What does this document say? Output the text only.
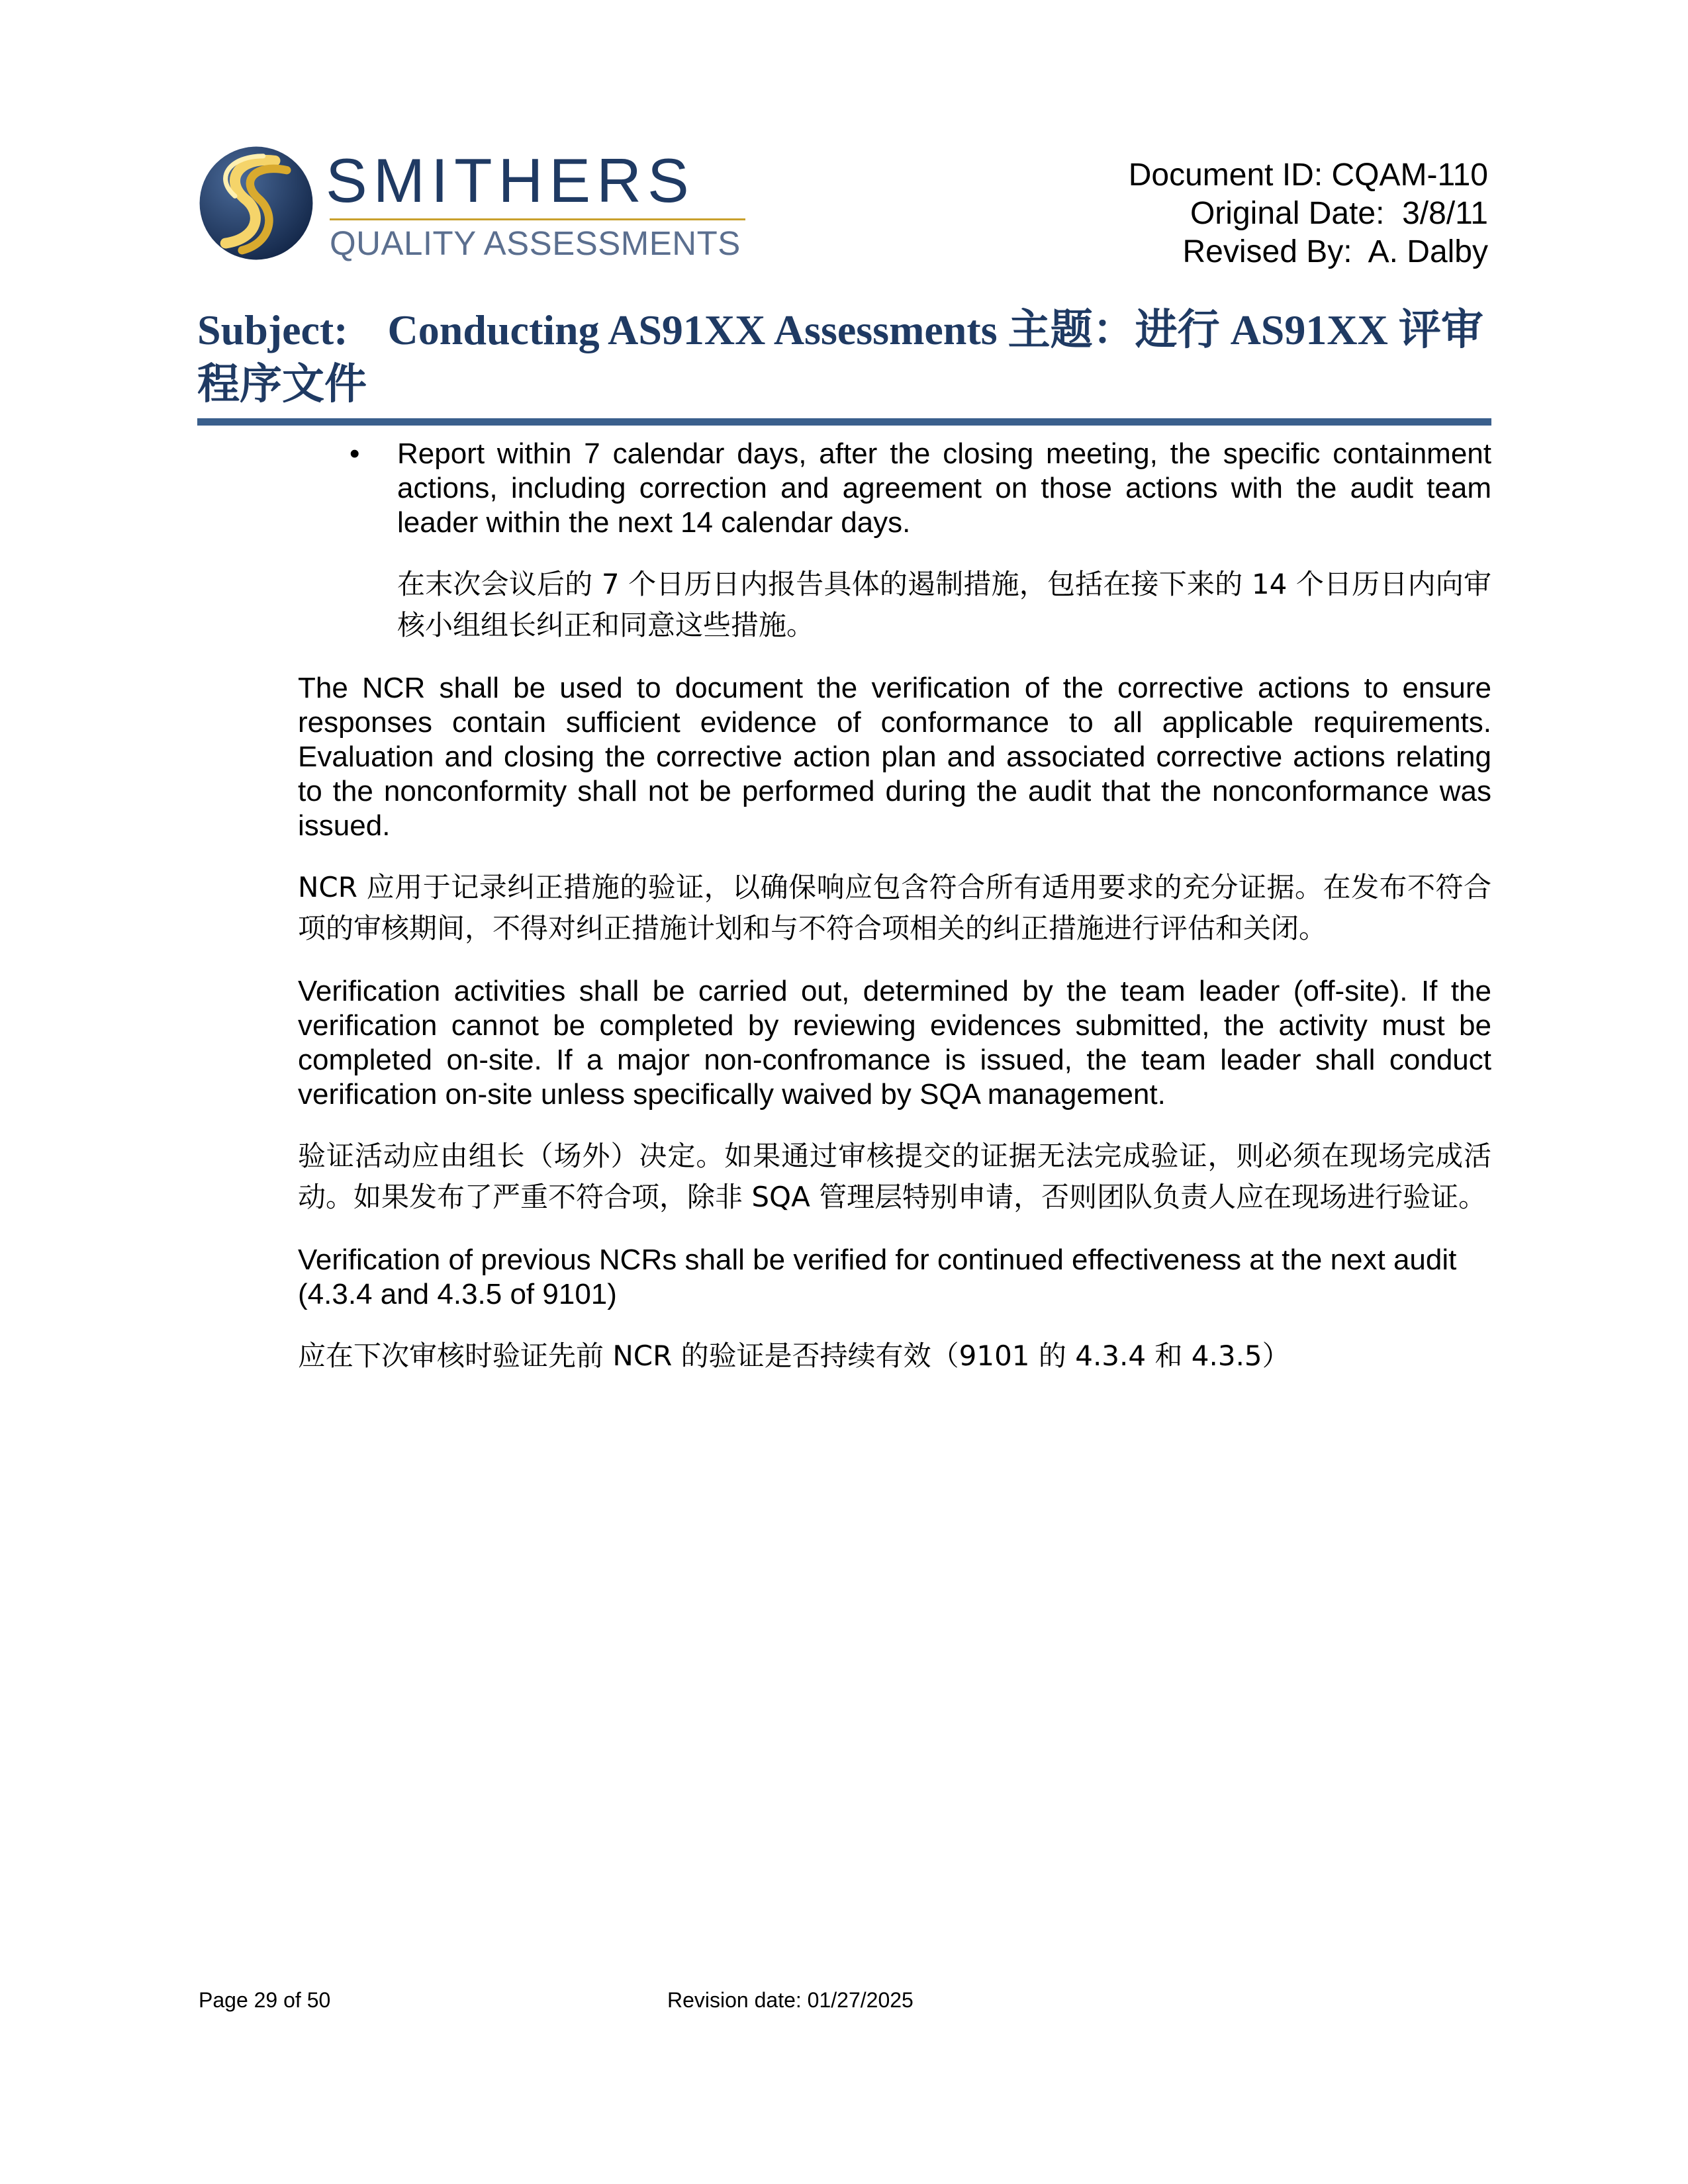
SMITHERS
QUALITY ASSESSMENTS
Document ID: CQAM-110
Original Date:  3/8/11
Revised By:  A. Dalby
Subject: Conducting AS91XX Assessments 主题：进行 AS91XX 评审程序文件
• Report within 7 calendar days, after the closing meeting, the specific containment actions, including correction and agreement on those actions with the audit team leader within the next 14 calendar days.

在末次会议后的 7 个日历日内报告具体的遏制措施，包括在接下来的 14 个日历日内向审核小组组长纠正和同意这些措施。

The NCR shall be used to document the verification of the corrective actions to ensure responses contain sufficient evidence of conformance to all applicable requirements. Evaluation and closing the corrective action plan and associated corrective actions relating to the nonconformity shall not be performed during the audit that the nonconformance was issued.

NCR 应用于记录纠正措施的验证，以确保响应包含符合所有适用要求的充分证据。在发布不符合项的审核期间，不得对纠正措施计划和与不符合项相关的纠正措施进行评估和关闭。

Verification activities shall be carried out, determined by the team leader (off-site). If the verification cannot be completed by reviewing evidences submitted, the activity must be completed on-site. If a major non-confromance is issued, the team leader shall conduct verification on-site unless specifically waived by SQA management.

验证活动应由组长（场外）决定。如果通过审核提交的证据无法完成验证，则必须在现场完成活动。如果发布了严重不符合项，除非 SQA 管理层特别申请，否则团队负责人应在现场进行验证。

Verification of previous NCRs shall be verified for continued effectiveness at the next audit (4.3.4 and 4.3.5 of 9101)

应在下次审核时验证先前 NCR 的验证是否持续有效（9101 的 4.3.4 和 4.3.5）

Page 29 of 50	Revision date: 01/27/2025
